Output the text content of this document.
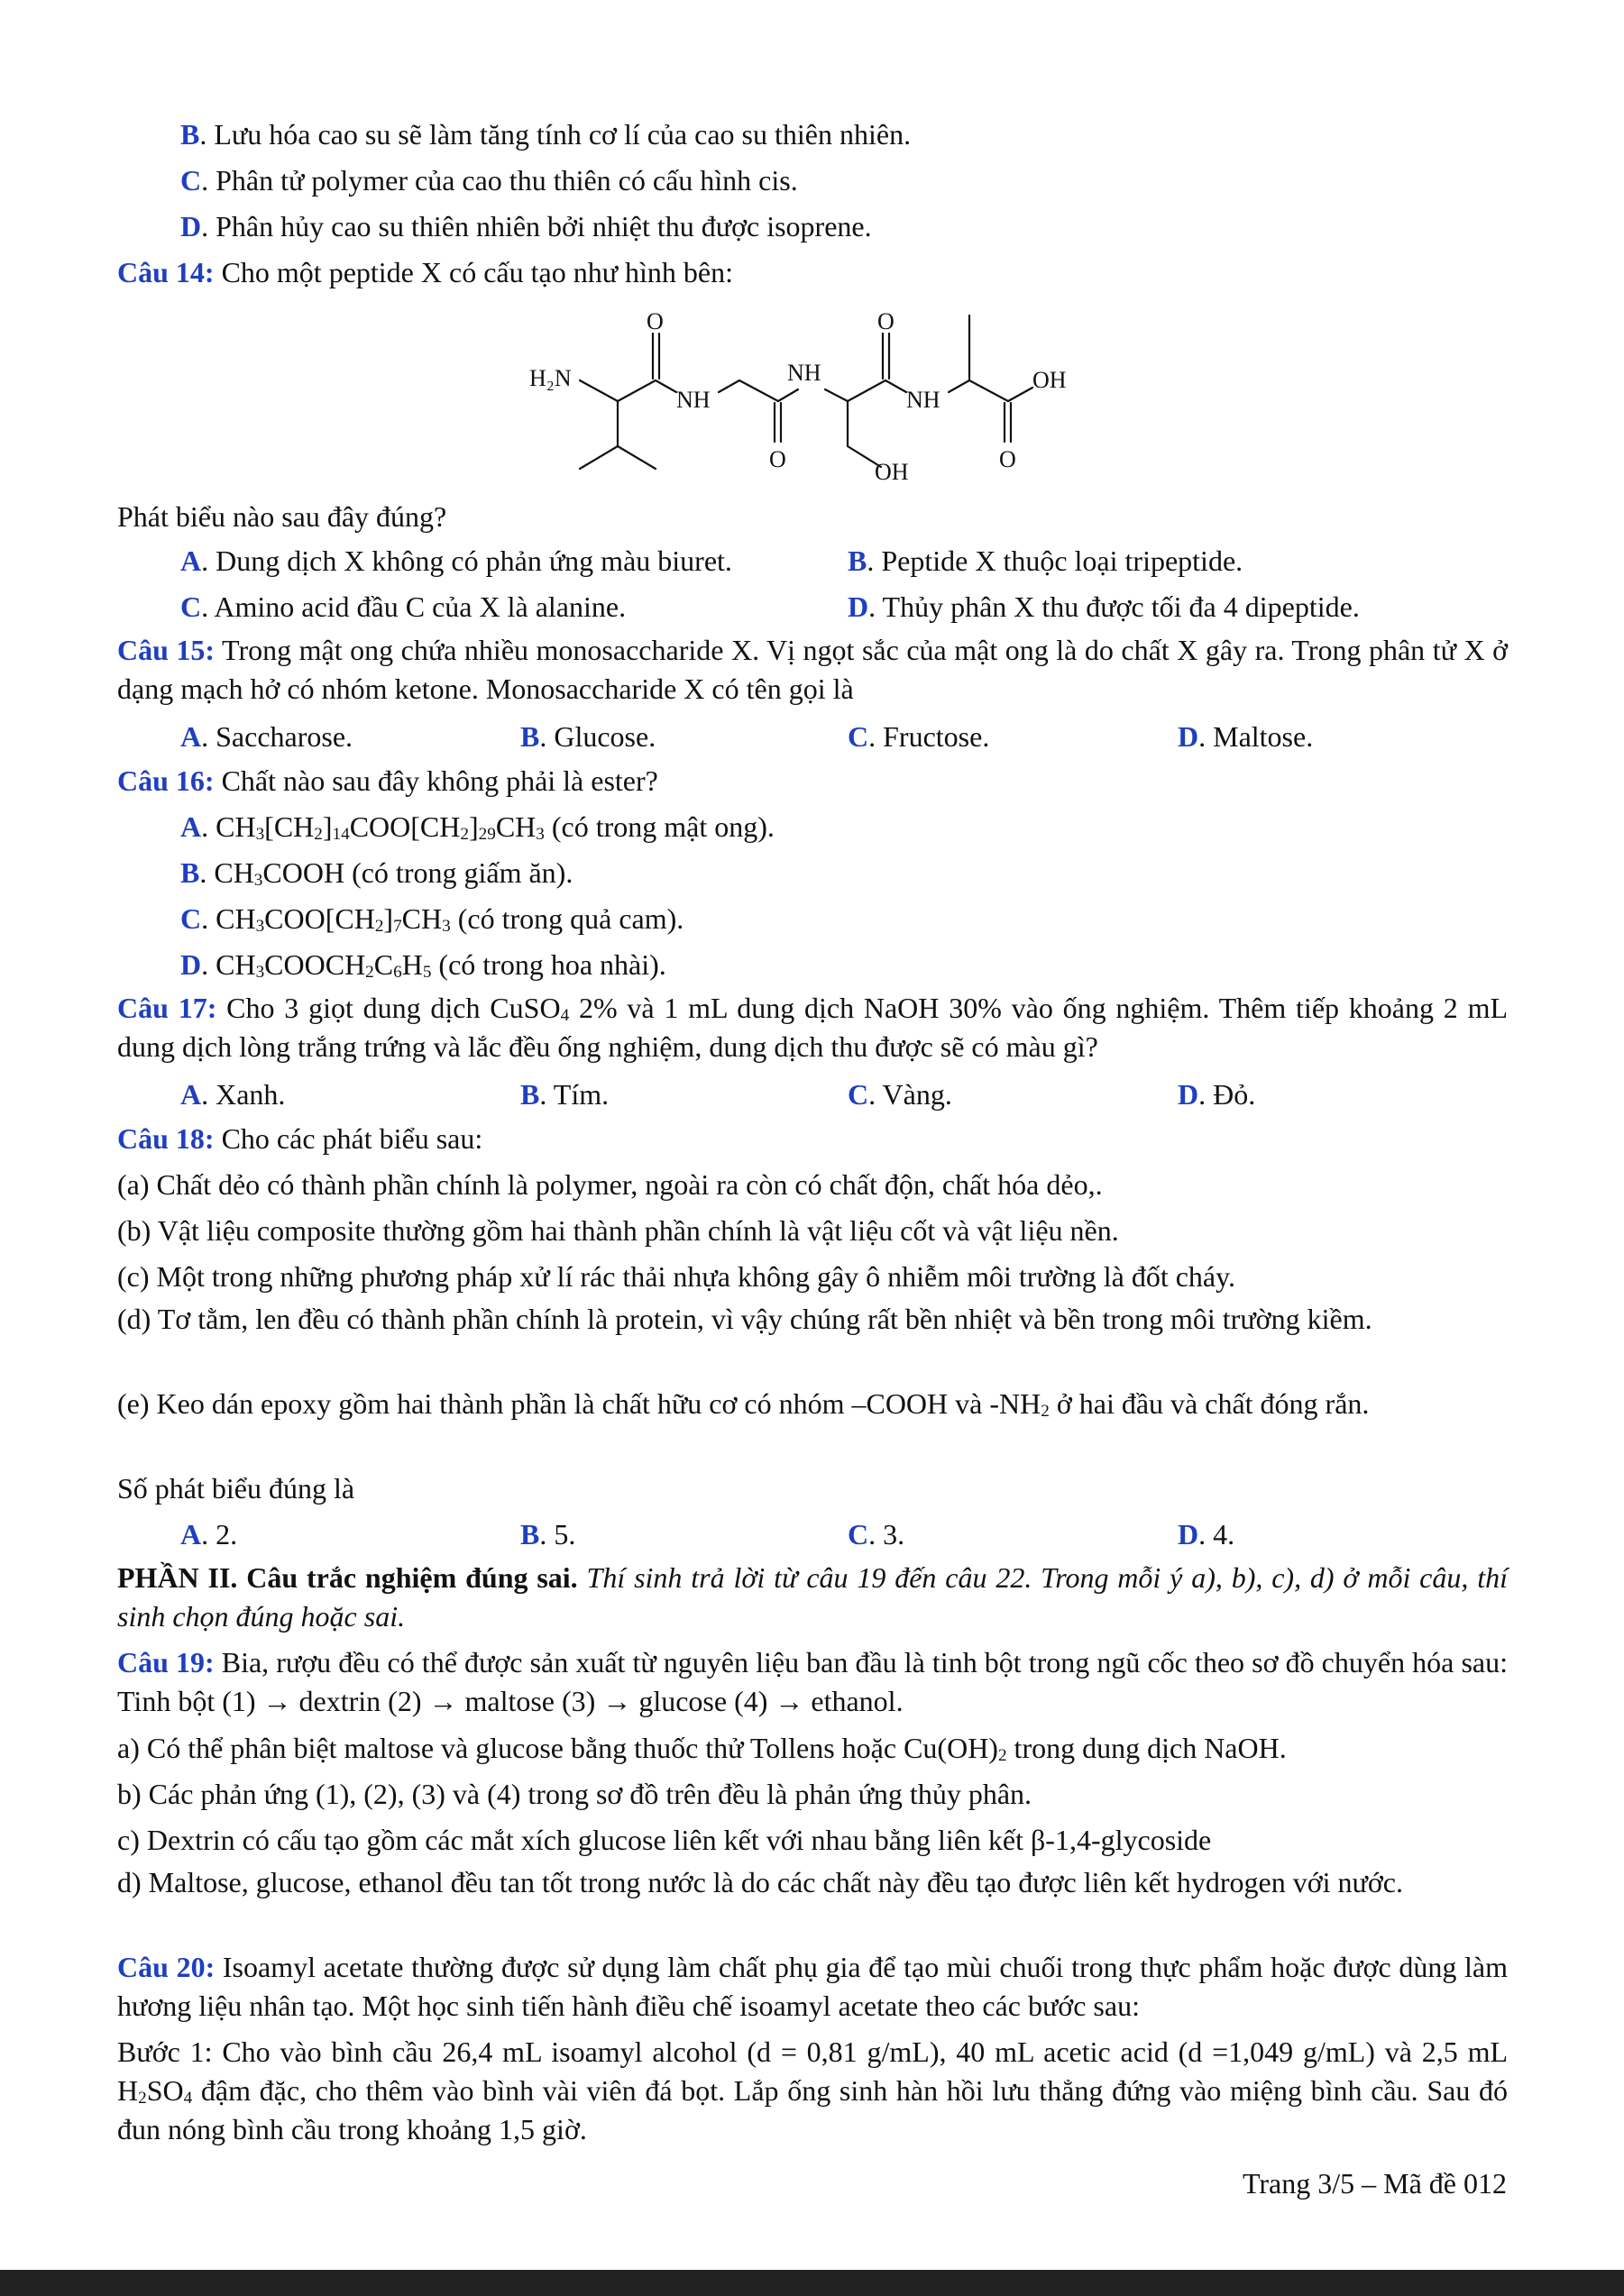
B. Lưu hóa cao su sẽ làm tăng tính cơ lí của cao su thiên nhiên.
C. Phân tử polymer của cao thu thiên có cấu hình cis.
D. Phân hủy cao su thiên nhiên bởi nhiệt thu được isoprene.
Câu 14: Cho một peptide X có cấu tạo như hình bên:
H₂N
O
NH
O
NH
O
NH
OH	O
OH
Phát biểu nào sau đây đúng?
A. Dung dịch X không có phản ứng màu biuret.	B. Peptide X thuộc loại tripeptide.
C. Amino acid đầu C của X là alanine.	D. Thủy phân X thu được tối đa 4 dipeptide.
Câu 15: Trong mật ong chứa nhiều monosaccharide X. Vị ngọt sắc của mật ong là do chất X gây ra. Trong phân tử X ở dạng mạch hở có nhóm ketone. Monosaccharide X có tên gọi là
A. Saccharose.	B. Glucose.	C. Fructose.	D. Maltose.
Câu 16: Chất nào sau đây không phải là ester?
A. $CH_3[CH_2]_{14}COO[CH_2]_{29}CH_3$ (có trong mật ong).
B. $CH_3COOH$ (có trong giấm ăn).
C. $CH_3COO[CH_2]_7CH_3$ (có trong quả cam).
D. $CH_3COOCH_2C_6H_5$ (có trong hoa nhài).
Câu 17: Cho 3 giọt dung dịch CuSO$_4$ 2% và 1 mL dung dịch NaOH 30% vào ống nghiệm. Thêm tiếp khoảng 2 mL dung dịch lòng trắng trứng và lắc đều ống nghiệm, dung dịch thu được sẽ có màu gì?
A. Xanh.	B. Tím.	C. Vàng.	D. Đỏ.
Câu 18: Cho các phát biểu sau:
(a) Chất dẻo có thành phần chính là polymer, ngoài ra còn có chất độn, chất hóa dẻo,.
(b) Vật liệu composite thường gồm hai thành phần chính là vật liệu cốt và vật liệu nền.
(c) Một trong những phương pháp xử lí rác thải nhựa không gây ô nhiễm môi trường là đốt cháy.
(d) Tơ tằm, len đều có thành phần chính là protein, vì vậy chúng rất bền nhiệt và bền trong môi trường kiềm.
(e) Keo dán epoxy gồm hai thành phần là chất hữu cơ có nhóm –COOH và $-NH_2$ ở hai đầu và chất đóng rắn.
Số phát biểu đúng là
A. 2.	B. 5.	C. 3.	D. 4.
PHẦN II. Câu trắc nghiệm đúng sai. Thí sinh trả lời từ câu 19 đến câu 22. Trong mỗi ý a), b), c), d) ở mỗi câu, thí sinh chọn đúng hoặc sai.
Câu 19: Bia, rượu đều có thể được sản xuất từ nguyên liệu ban đầu là tinh bột trong ngũ cốc theo sơ đồ chuyển hóa sau: Tinh bột (1) → dextrin (2) → maltose (3) → glucose (4) → ethanol.
a) Có thể phân biệt maltose và glucose bằng thuốc thử Tollens hoặc $Cu(OH)_2$ trong dung dịch NaOH.
b) Các phản ứng (1), (2), (3) và (4) trong sơ đồ trên đều là phản ứng thủy phân.
c) Dextrin có cấu tạo gồm các mắt xích glucose liên kết với nhau bằng liên kết β-1,4-glycoside
d) Maltose, glucose, ethanol đều tan tốt trong nước là do các chất này đều tạo được liên kết hydrogen với nước.
Câu 20: Isoamyl acetate thường được sử dụng làm chất phụ gia để tạo mùi chuối trong thực phẩm hoặc được dùng làm hương liệu nhân tạo. Một học sinh tiến hành điều chế isoamyl acetate theo các bước sau:
Bước 1: Cho vào bình cầu 26,4 mL isoamyl alcohol (d = 0,81 g/mL), 40 mL acetic acid (d =1,049 g/mL) và 2,5 mL $H_2SO_4$ đậm đặc, cho thêm vào bình vài viên đá bọt. Lắp ống sinh hàn hồi lưu thẳng đứng vào miệng bình cầu. Sau đó đun nóng bình cầu trong khoảng 1,5 giờ.
Trang 3/5 – Mã đề 012
